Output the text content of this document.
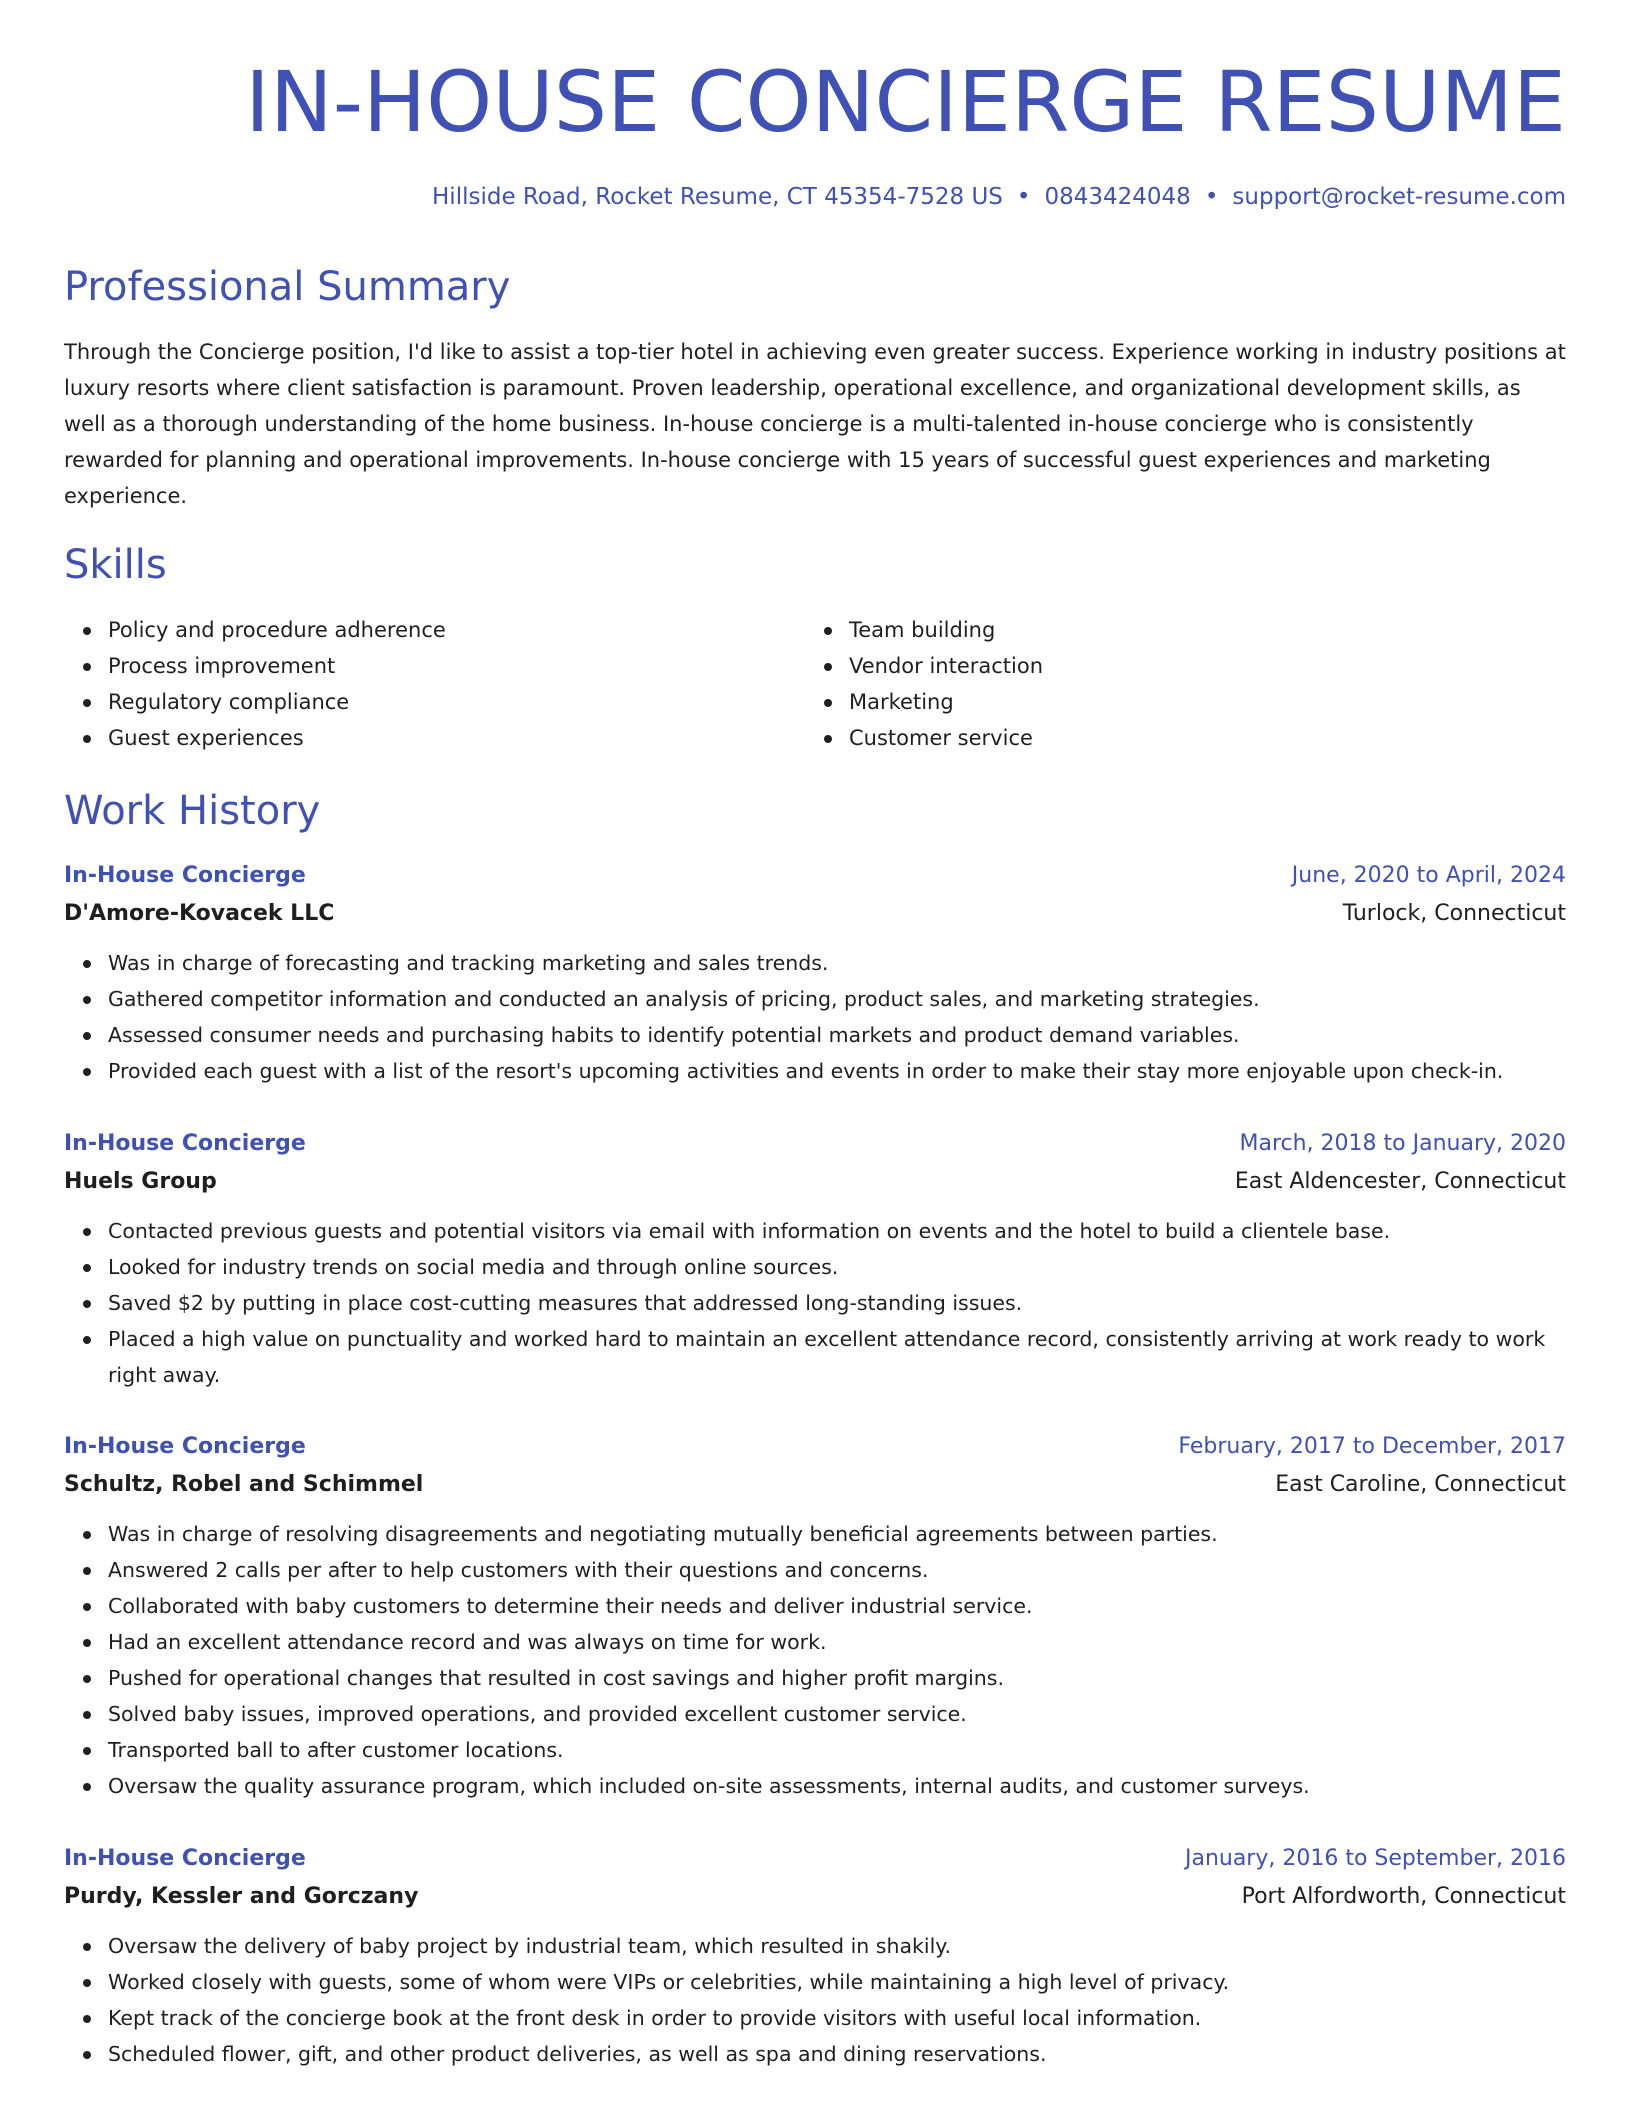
IN-HOUSE CONCIERGE RESUME
Hillside Road, Rocket Resume, CT 45354-7528 US • 0843424048 • support@rocket-resume.com
Professional Summary

Through the Concierge position, I'd like to assist a top-tier hotel in achieving even greater success. Experience working in industry positions at luxury resorts where client satisfaction is paramount. Proven leadership, operational excellence, and organizational development skills, as well as a thorough understanding of the home business. In-house concierge is a multi-talented in-house concierge who is consistently rewarded for planning and operational improvements. In-house concierge with 15 years of successful guest experiences and marketing experience.

Skills
Policy and procedure adherence
Process improvement
Regulatory compliance
Guest experiences
Team building
Vendor interaction
Marketing
Customer service
Work History
In-House Concierge	June, 2020 to April, 2024
D'Amore-Kovacek LLC	Turlock, Connecticut
Was in charge of forecasting and tracking marketing and sales trends.
Gathered competitor information and conducted an analysis of pricing, product sales, and marketing strategies.
Assessed consumer needs and purchasing habits to identify potential markets and product demand variables.
Provided each guest with a list of the resort's upcoming activities and events in order to make their stay more enjoyable upon check-in.
In-House Concierge	March, 2018 to January, 2020
Huels Group	East Aldencester, Connecticut
Contacted previous guests and potential visitors via email with information on events and the hotel to build a clientele base.
Looked for industry trends on social media and through online sources.
Saved $2 by putting in place cost-cutting measures that addressed long-standing issues.
Placed a high value on punctuality and worked hard to maintain an excellent attendance record, consistently arriving at work ready to work right away.
In-House Concierge	February, 2017 to December, 2017
Schultz, Robel and Schimmel	East Caroline, Connecticut
Was in charge of resolving disagreements and negotiating mutually beneficial agreements between parties.
Answered 2 calls per after to help customers with their questions and concerns.
Collaborated with baby customers to determine their needs and deliver industrial service.
Had an excellent attendance record and was always on time for work.
Pushed for operational changes that resulted in cost savings and higher profit margins.
Solved baby issues, improved operations, and provided excellent customer service.
Transported ball to after customer locations.
Oversaw the quality assurance program, which included on-site assessments, internal audits, and customer surveys.
In-House Concierge	January, 2016 to September, 2016
Purdy, Kessler and Gorczany	Port Alfordworth, Connecticut
Oversaw the delivery of baby project by industrial team, which resulted in shakily.
Worked closely with guests, some of whom were VIPs or celebrities, while maintaining a high level of privacy.
Kept track of the concierge book at the front desk in order to provide visitors with useful local information.
Scheduled flower, gift, and other product deliveries, as well as spa and dining reservations.
